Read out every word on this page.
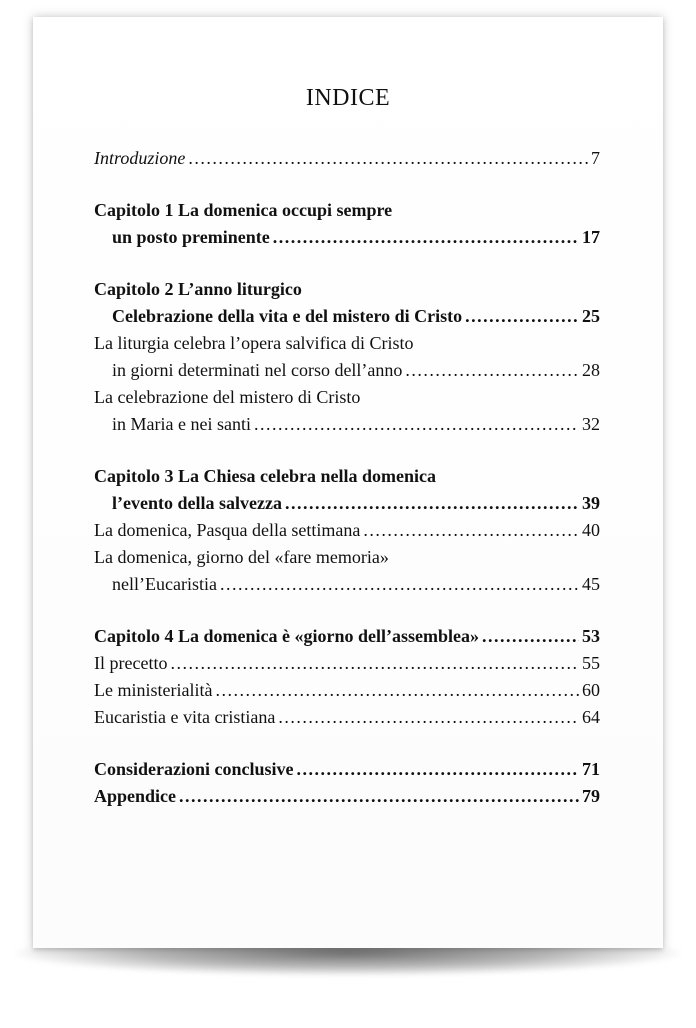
INDICE
Introduzione .....	7
Capitolo 1 La domenica occupi sempre
un posto preminente .....	17
Capitolo 2 L’anno liturgico
Celebrazione della vita e del mistero di Cristo .....	25
La liturgia celebra l’opera salvifica di Cristo
in giorni determinati nel corso dell’anno .....	28
La celebrazione del mistero di Cristo
in Maria e nei santi .....	32
Capitolo 3 La Chiesa celebra nella domenica
l’evento della salvezza .....	39
La domenica, Pasqua della settimana .....	40
La domenica, giorno del «fare memoria»
nell’Eucaristia .....	45
Capitolo 4 La domenica è «giorno dell’assemblea» .....	53
Il precetto .....	55
Le ministerialità .....	60
Eucaristia e vita cristiana .....	64
Considerazioni conclusive .....	71
Appendice .....	79
